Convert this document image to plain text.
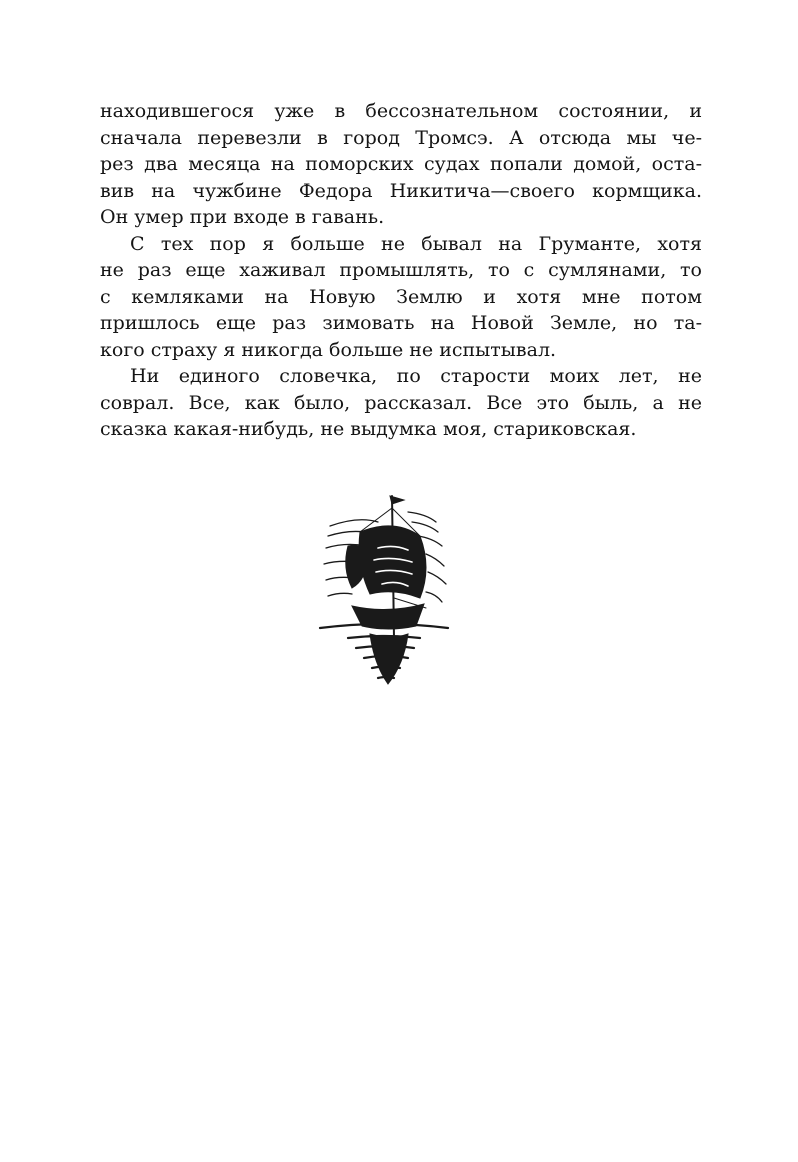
находившегося уже в бессознательном состоянии, и
сначала перевезли в город Тромсэ. А отсюда мы че-
рез два месяца на поморских судах попали домой, оста-
вив на чужбине Федора Никитича—своего кормщика.
Он умер при входе в гавань.
С тех пор я больше не бывал на Груманте, хотя
не раз еще хаживал промышлять, то с сумлянами, то
с кемляками на Новую Землю и хотя мне потом
пришлось еще раз зимовать на Новой Земле, но та-
кого страху я никогда больше не испытывал.
Ни единого словечка, по старости моих лет, не
соврал. Все, как было, рассказал. Все это быль, а не
сказка какая-нибудь, не выдумка моя, стариковская.
